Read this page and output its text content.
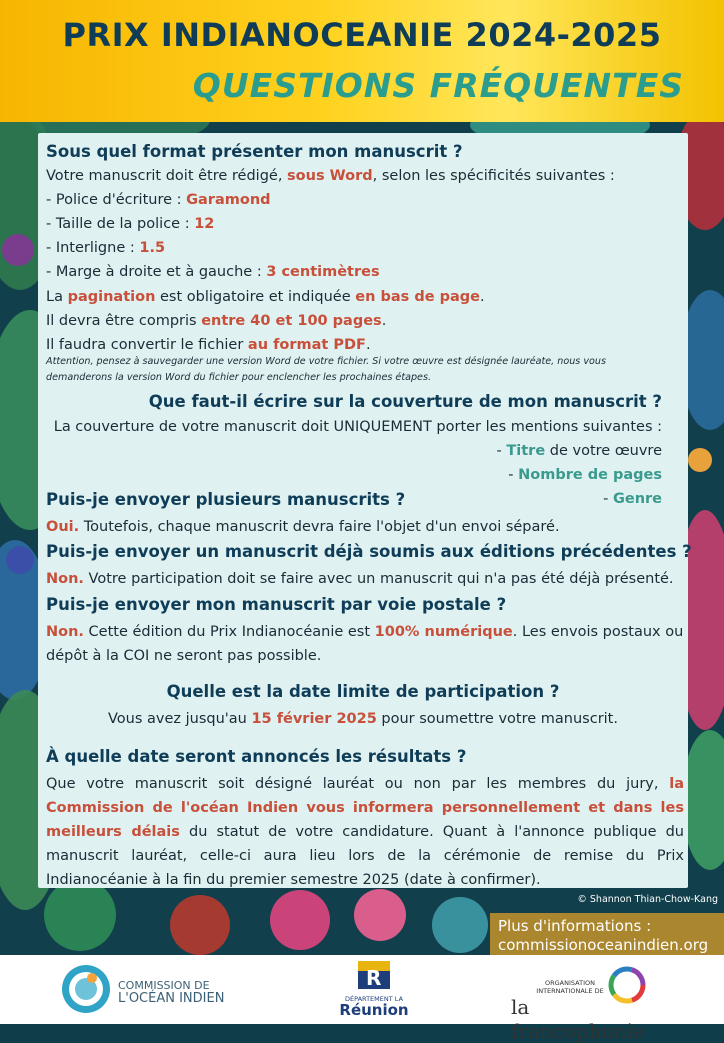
PRIX INDIANOCEANIE 2024-2025
QUESTIONS FRÉQUENTES
Sous quel format présenter mon manuscrit ?
Votre manuscrit doit être rédigé, sous Word, selon les spécificités suivantes :
- Police d'écriture : Garamond
- Taille de la police : 12
- Interligne : 1.5
- Marge à droite et à gauche : 3 centimètres
La pagination est obligatoire et indiquée en bas de page.
Il devra être compris entre 40 et 100 pages.
Il faudra convertir le fichier au format PDF.
Attention, pensez à sauvegarder une version Word de votre fichier. Si votre œuvre est désignée lauréate, nous vous
demanderons la version Word du fichier pour enclencher les prochaines étapes.
Que faut-il écrire sur la couverture de mon manuscrit ?
La couverture de votre manuscrit doit UNIQUEMENT porter les mentions suivantes :
- Titre de votre œuvre
- Nombre de pages
- Genre
Puis-je envoyer plusieurs manuscrits ?
Oui. Toutefois, chaque manuscrit devra faire l'objet d'un envoi séparé.
Puis-je envoyer un manuscrit déjà soumis aux éditions précédentes ?
Non. Votre participation doit se faire avec un manuscrit qui n'a pas été déjà présenté.
Puis-je envoyer mon manuscrit par voie postale ?
Non. Cette édition du Prix Indianocéanie est 100% numérique. Les envois postaux ou
dépôt à la COI ne seront pas possible.
Quelle est la date limite de participation ?
Vous avez jusqu'au 15 février 2025 pour soumettre votre manuscrit.
À quelle date seront annoncés les résultats ?
Que votre manuscrit soit désigné lauréat ou non par les membres du jury, la Commission de l'océan Indien vous informera personnellement et dans les meilleurs délais du statut de votre candidature. Quant à l'annonce publique du manuscrit lauréat, celle-ci aura lieu lors de la cérémonie de remise du Prix Indianocéanie à la fin du premier semestre 2025 (date à confirmer).
© Shannon Thian-Chow-Kang
Plus d'informations :
commissionoceanindien.org
COMMISSION DE
L'OCÉAN INDIEN
R
DÉPARTEMENT LA
Réunion
ORGANISATION
INTERNATIONALE DE
la francophonie
